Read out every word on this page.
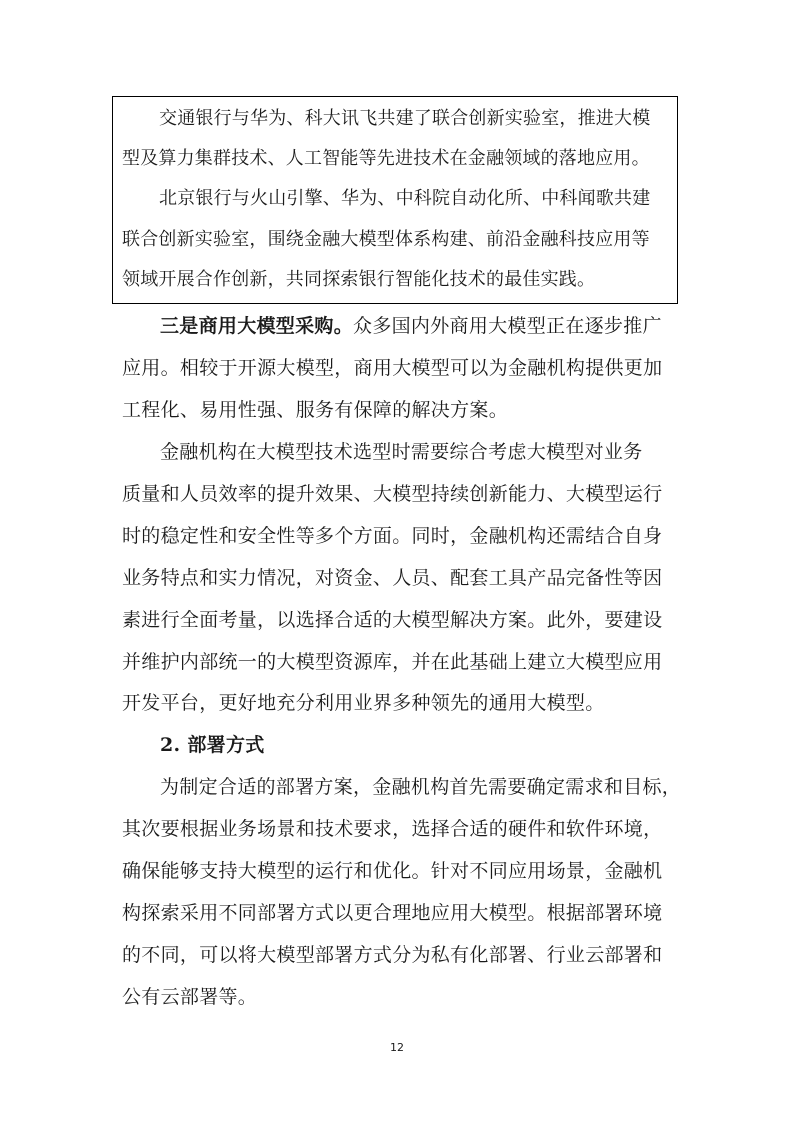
交通银行与华为、科大讯飞共建了联合创新实验室，推进大模
型及算力集群技术、人工智能等先进技术在金融领域的落地应用。
北京银行与火山引擎、华为、中科院自动化所、中科闻歌共建
联合创新实验室，围绕金融大模型体系构建、前沿金融科技应用等
领域开展合作创新，共同探索银行智能化技术的最佳实践。
三是商用大模型采购。众多国内外商用大模型正在逐步推广
应用。相较于开源大模型，商用大模型可以为金融机构提供更加
工程化、易用性强、服务有保障的解决方案。
金融机构在大模型技术选型时需要综合考虑大模型对业务
质量和人员效率的提升效果、大模型持续创新能力、大模型运行
时的稳定性和安全性等多个方面。同时，金融机构还需结合自身
业务特点和实力情况，对资金、人员、配套工具产品完备性等因
素进行全面考量，以选择合适的大模型解决方案。此外，要建设
并维护内部统一的大模型资源库，并在此基础上建立大模型应用
开发平台，更好地充分利用业界多种领先的通用大模型。
2. 部署方式
为制定合适的部署方案，金融机构首先需要确定需求和目标，
其次要根据业务场景和技术要求，选择合适的硬件和软件环境，
确保能够支持大模型的运行和优化。针对不同应用场景，金融机
构探索采用不同部署方式以更合理地应用大模型。根据部署环境
的不同，可以将大模型部署方式分为私有化部署、行业云部署和
公有云部署等。
12
